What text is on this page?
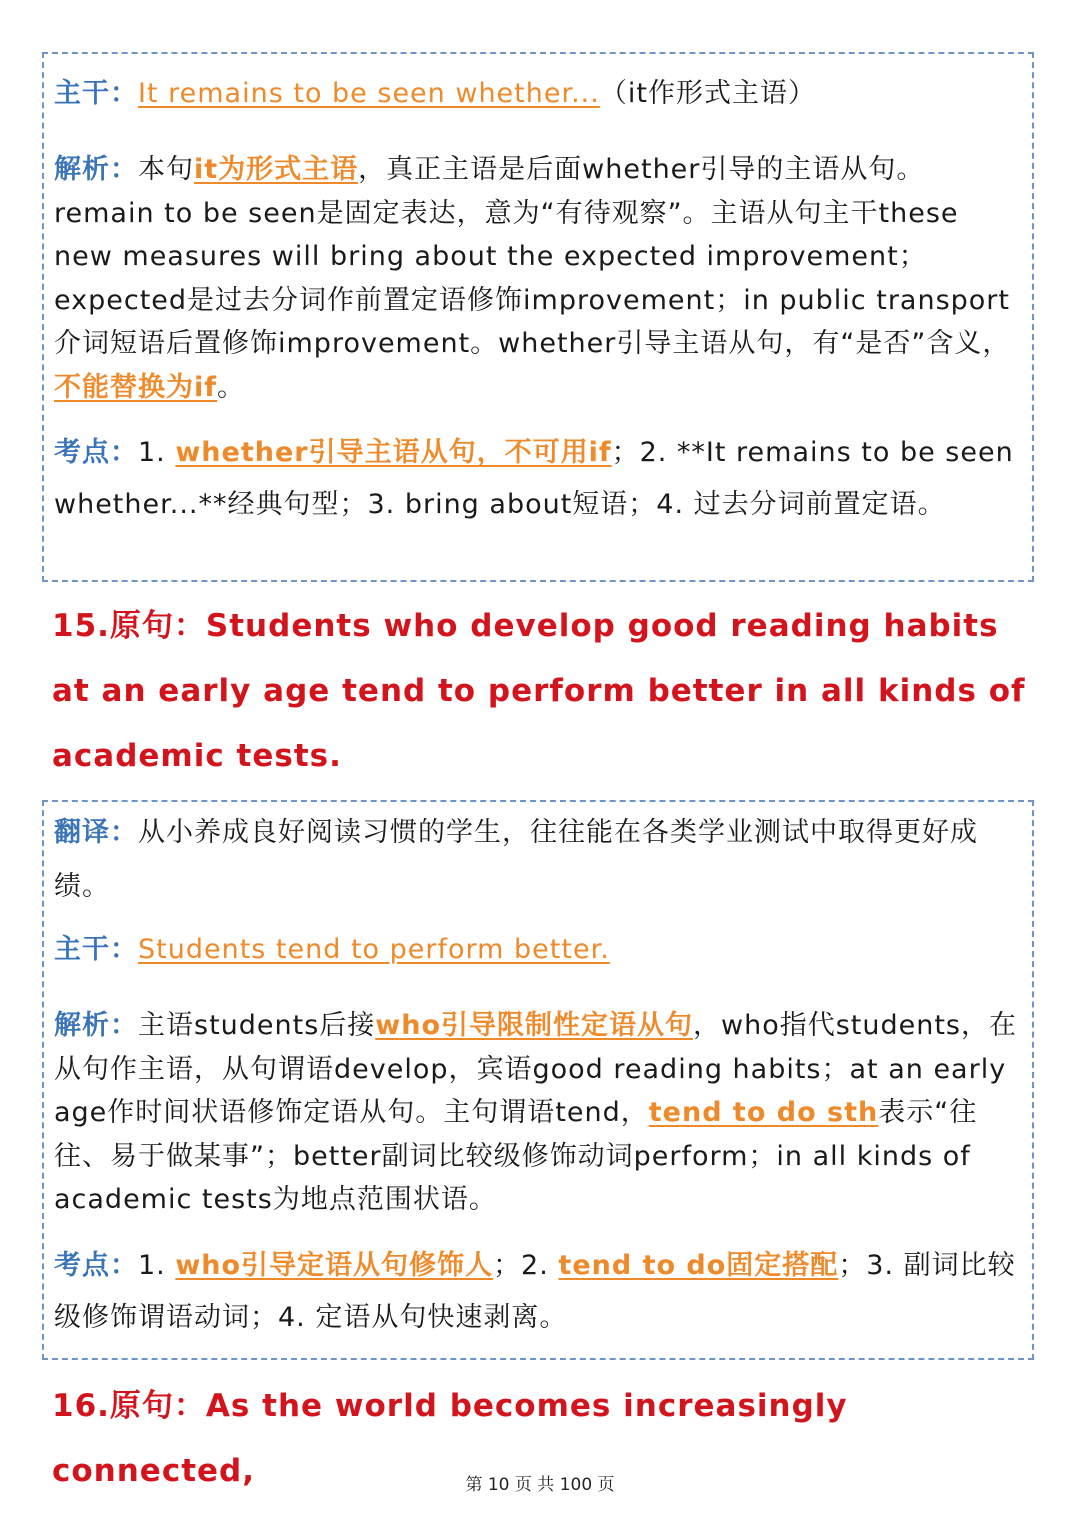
主干：It remains to be seen whether...（it作形式主语）
解析：本句it为形式主语，真正主语是后面whether引导的主语从句。remain to be seen是固定表达，意为“有待观察”。主语从句主干these new measures will bring about the expected improvement；expected是过去分词作前置定语修饰improvement；in public transport介词短语后置修饰improvement。whether引导主语从句，有“是否”含义，不能替换为if。
考点：1. whether引导主语从句，不可用if；2. **It remains to be seen whether...**经典句型；3. bring about短语；4. 过去分词前置定语。
15.原句：Students who develop good reading habits at an early age tend to perform better in all kinds of academic tests.
翻译：从小养成良好阅读习惯的学生，往往能在各类学业测试中取得更好成绩。
主干：Students tend to perform better.
解析：主语students后接who引导限制性定语从句，who指代students，在从句作主语，从句谓语develop，宾语good reading habits；at an early age作时间状语修饰定语从句。主句谓语tend，tend to do sth表示“往往、易于做某事”；better副词比较级修饰动词perform；in all kinds of academic tests为地点范围状语。
考点：1. who引导定语从句修饰人；2. tend to do固定搭配；3. 副词比较级修饰谓语动词；4. 定语从句快速剥离。
16.原句：As the world becomes increasingly connected,	第 10 页 共 100 页
